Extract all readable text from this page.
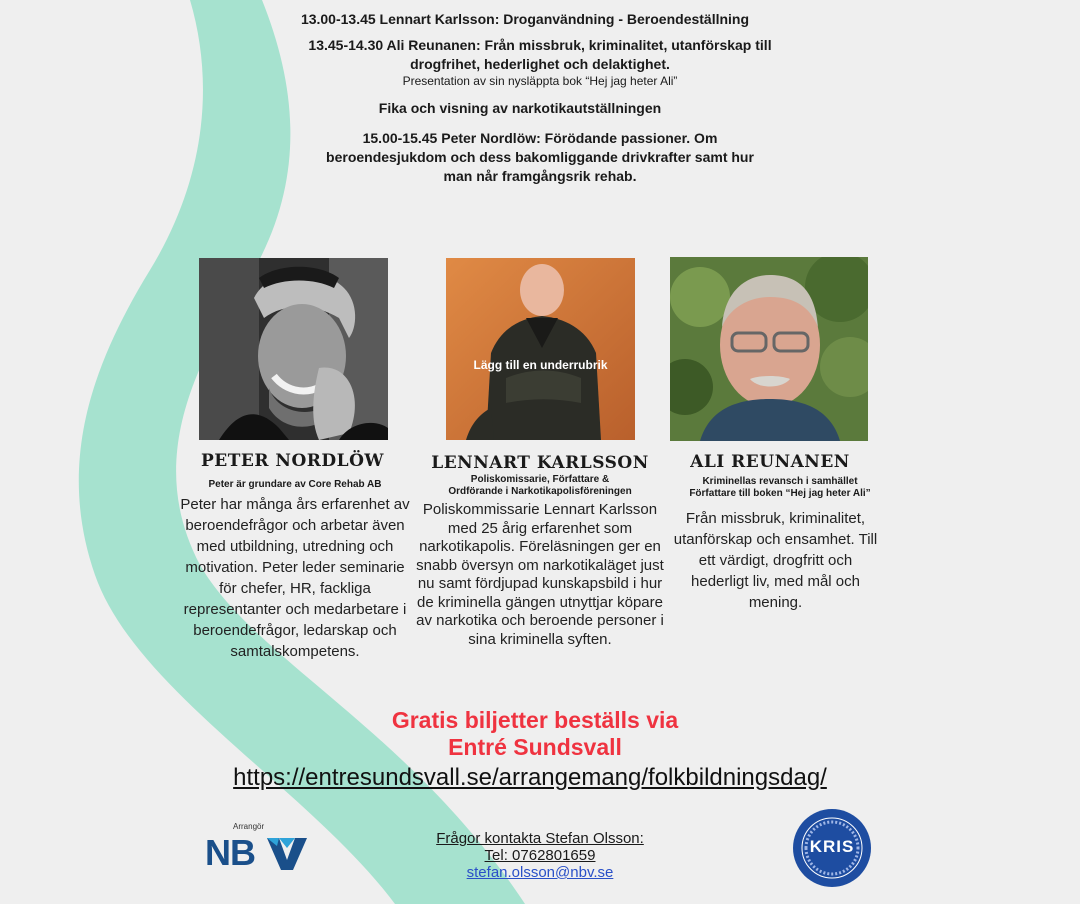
13.00-13.45 Lennart Karlsson: Droganvändning - Beroendeställning
13.45-14.30 Ali Reunanen: Från missbruk, kriminalitet, utanförskap till
drogfrihet, hederlighet och delaktighet.
Presentation av sin nysläppta bok “Hej jag heter Ali”
Fika och visning av narkotikautställningen
15.00-15.45 Peter Nordlöw: Förödande passioner. Om
beroendesjukdom och dess bakomliggande drivkrafter samt hur
man når framgångsrik rehab.
Lägg till en underrubrik
PETER NORDLÖW
Peter är grundare av Core Rehab AB
Peter har många års erfarenhet av beroendefrågor och arbetar även med utbildning, utredning och motivation. Peter leder seminarie för chefer, HR, fackliga representanter och medarbetare i beroendefrågor, ledarskap och samtalskompetens.
LENNART KARLSSON
Poliskomissarie, Författare &
Ordförande i Narkotikapolisföreningen
Poliskommissarie Lennart Karlsson med 25 årig erfarenhet som narkotikapolis. Föreläsningen ger en snabb översyn om narkotikaläget just nu samt fördjupad kunskapsbild i hur de kriminella gängen utnyttjar köpare av narkotika och beroende personer i sina kriminella syften.
ALI REUNANEN
Kriminellas revansch i samhället
Författare till boken “Hej jag heter Ali”
Från missbruk, kriminalitet, utanförskap och ensamhet. Till ett värdigt, drogfritt och hederligt liv, med mål och mening.
Gratis biljetter beställs via
Entré Sundsvall
https://entresundsvall.se/arrangemang/folkbildningsdag/
Arrangör
NB	Frågor kontakta Stefan Olsson:
Tel: 0762801659
stefan.olsson@nbv.se
KRIS
